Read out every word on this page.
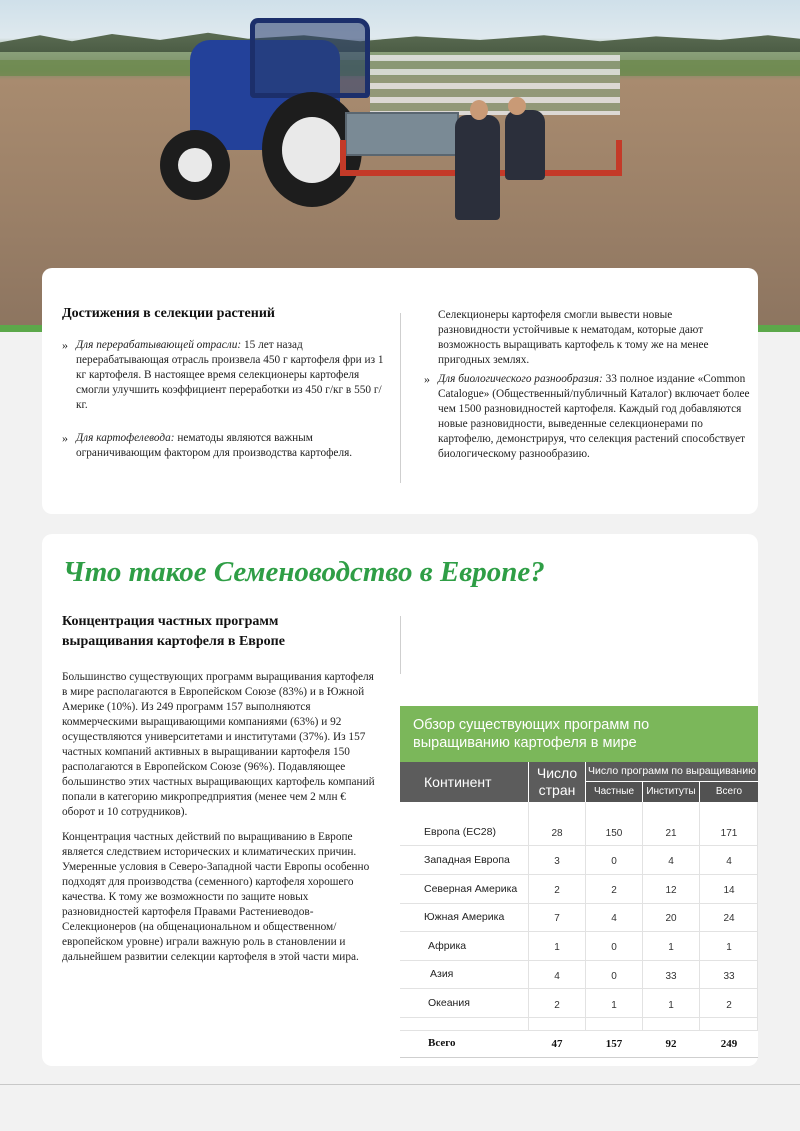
Достижения в селекции растений
» Для перерабатывающей отрасли: 15 лет назад перерабатывающая отрасль произвела 450 г картофеля фри из 1 кг картофеля. В настоящее время селекционеры картофеля смогли улучшить коэффициент переработки из 450 г/кг в 550 г/кг.
» Для картофелевода: нематоды являются важным ограничивающим фактором для производства картофеля.
Селекционеры картофеля смогли вывести новые разновидности устойчивые к нематодам, которые дают возможность выращивать картофель к тому же на менее пригодных землях.
» Для биологического разнообразия: 33 полное издание «Common Catalogue» (Общественный/публичный Каталог) включает более чем 1500 разновидностей картофеля. Каждый год добавляются новые разновидности, выведенные селекционерами по картофелю, демонстрируя, что селекция растений способствует биологическому разнообразию.
Концентрация частных программ
выращивания картофеля в Европе
Большинство существующих программ выращивания картофеля в мире располагаются в Европейском Союзе (83%) и в Южной Америке (10%). Из 249 программ 157 выполняются коммерческими выращивающими компаниями (63%) и 92 осуществляются университетами и институтами (37%). Из 157 частных компаний активных в выращивании картофеля 150 располагаются в Европейском Союзе (96%). Подавляющее большинство этих частных выращивающих картофель компаний попали в категорию микропредприятия (менее чем 2 млн € оборот и 10 сотрудников).
Концентрация частных действий по выращиванию в Европе является следствием исторических и климатических причин. Умеренные условия в Северо-Западной части Европы особенно подходят для производства (семенного) картофеля хорошего качества. К тому же возможности по защите новых разновидностей картофеля Правами Растениеводов-Селекционеров (на общенациональном и общественном/европейском уровне) играли важную роль в становлении и дальнейшем развитии селекции картофеля в этой части мира.
Что такое Семеноводство в Европе?
Обзор существующих программ по выращиванию картофеля в мире
Континент
Число
стран
Число программ по выращиванию
Частные	Институты	Всего
Европа (ЕС28)	28	150	21	171
Западная Европа	3	0	4	4
Северная Америка	2	2	12	14
Южная Америка	7	4	20	24
Африка	1	0	1	1
Азия	4	0	33	33
Океания	2	1	1	2
Всего	47	157	92	249
